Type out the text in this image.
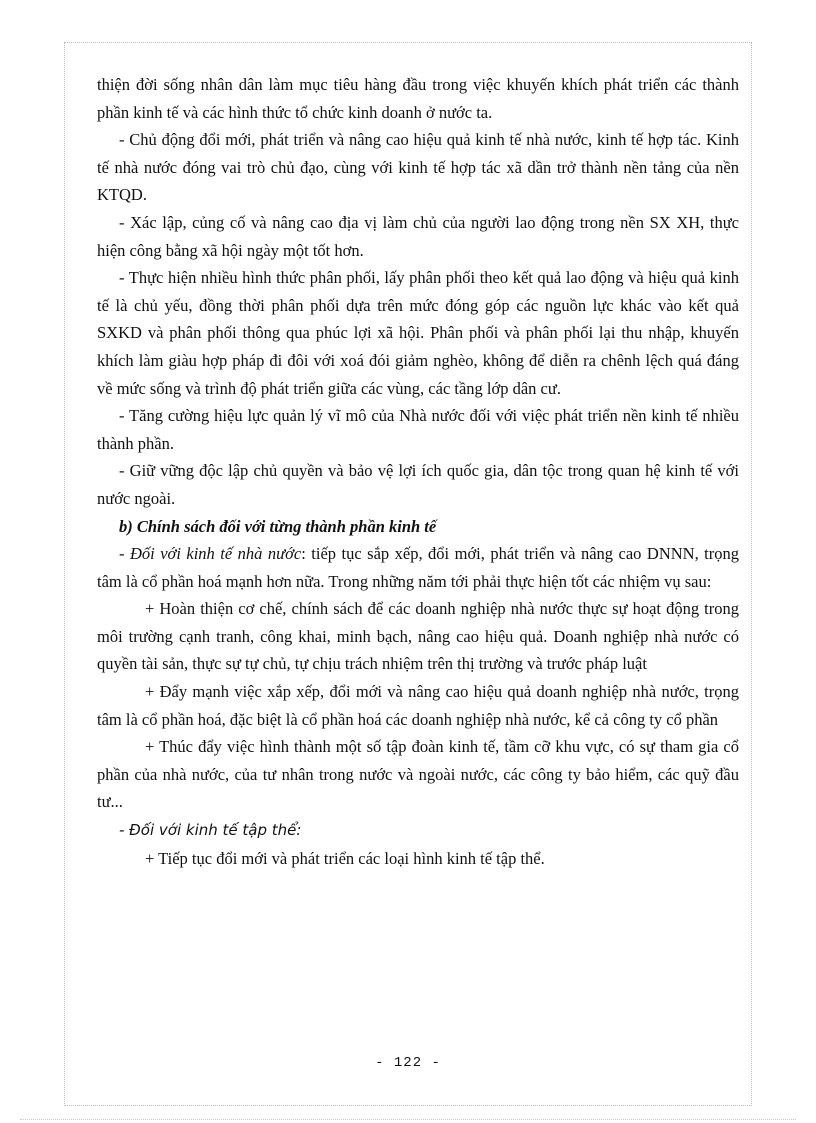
thiện đời sống nhân dân làm mục tiêu hàng đầu trong việc khuyến khích phát triển các thành phần kinh tế và các hình thức tổ chức kinh doanh ở nước ta.

- Chủ động đổi mới, phát triển và nâng cao hiệu quả kinh tế nhà nước, kinh tế hợp tác. Kinh tế nhà nước đóng vai trò chủ đạo, cùng với kinh tế hợp tác xã dần trở thành nền tảng của nền KTQD.

- Xác lập, củng cố và nâng cao địa vị làm chủ của người lao động trong nền SX XH, thực hiện công bằng xã hội ngày một tốt hơn.

- Thực hiện nhiều hình thức phân phối, lấy phân phối theo kết quả lao động và hiệu quả kinh tế là chủ yếu, đồng thời phân phối dựa trên mức đóng góp các nguồn lực khác vào kết quả SXKD và phân phối thông qua phúc lợi xã hội. Phân phối và phân phối lại thu nhập, khuyến khích làm giàu hợp pháp đi đôi với xoá đói giảm nghèo, không để diễn ra chênh lệch quá đáng về mức sống và trình độ phát triển giữa các vùng, các tầng lớp dân cư.

- Tăng cường hiệu lực quản lý vĩ mô của Nhà nước đối với việc phát triển nền kinh tế nhiều thành phần.

- Giữ vững độc lập chủ quyền và bảo vệ lợi ích quốc gia, dân tộc trong quan hệ kinh tế với nước ngoài.

b) Chính sách đối với từng thành phần kinh tế

- Đối với kinh tế nhà nước: tiếp tục sắp xếp, đổi mới, phát triển và nâng cao DNNN, trọng tâm là cổ phần hoá mạnh hơn nữa. Trong những năm tới phải thực hiện tốt các nhiệm vụ sau:

+ Hoàn thiện cơ chế, chính sách để các doanh nghiệp nhà nước thực sự hoạt động trong môi trường cạnh tranh, công khai, minh bạch, nâng cao hiệu quả. Doanh nghiệp nhà nước có quyền tài sản, thực sự tự chủ, tự chịu trách nhiệm trên thị trường và trước pháp luật

+ Đẩy mạnh việc xắp xếp, đổi mới và nâng cao hiệu quả doanh nghiệp nhà nước, trọng tâm là cổ phần hoá, đặc biệt là cổ phần hoá các doanh nghiệp nhà nước, kể cả công ty cổ phần

+ Thúc đẩy việc hình thành một số tập đoàn kinh tế, tầm cỡ khu vực, có sự tham gia cổ phần của nhà nước, của tư nhân trong nước và ngoài nước, các công ty bảo hiểm, các quỹ đầu tư...

- Đối với kinh tế tập thể:

+ Tiếp tục đổi mới và phát triển các loại hình kinh tế tập thể.

- 122 -
